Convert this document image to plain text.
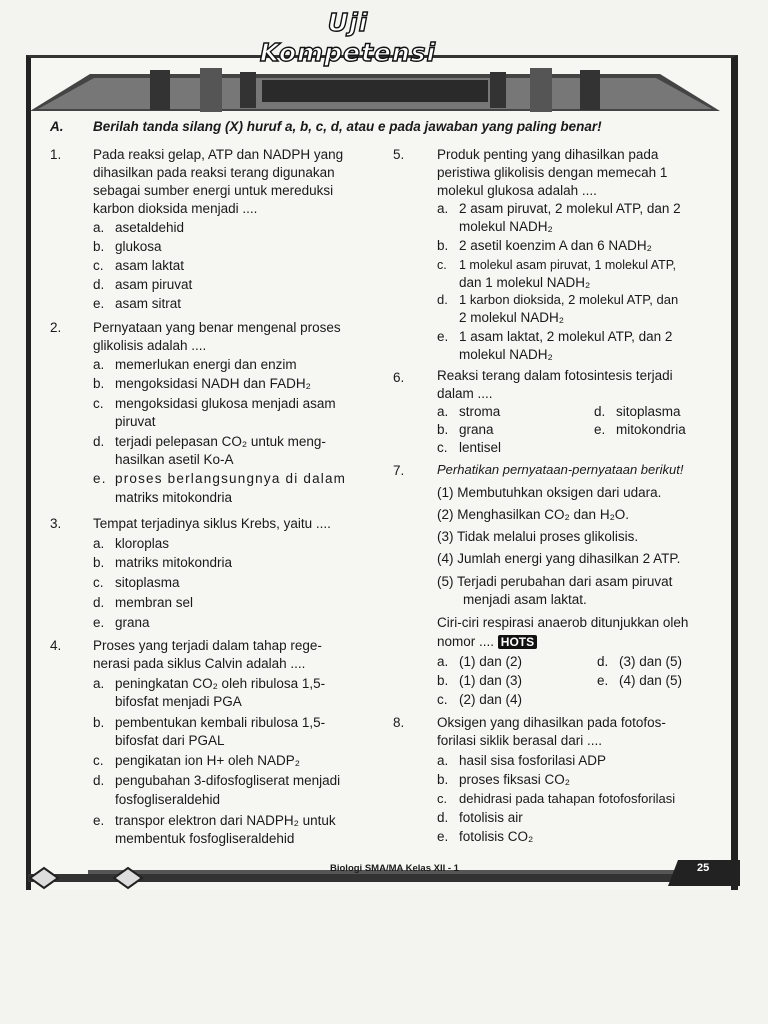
Uji Kompetensi
A. Berilah tanda silang (X) huruf a, b, c, d, atau e pada jawaban yang paling benar!
1. Pada reaksi gelap, ATP dan NADPH yang
dihasilkan pada reaksi terang digunakan
sebagai sumber energi untuk mereduksi
karbon dioksida menjadi ....
a. asetaldehid
b. glukosa
c. asam laktat
d. asam piruvat
e. asam sitrat
2. Pernyataan yang benar mengenal proses
glikolisis adalah ....
a. memerlukan energi dan enzim
b. mengoksidasi NADH dan FADH₂
c. mengoksidasi glukosa menjadi asam
piruvat
d. terjadi pelepasan CO₂ untuk meng-
hasilkan asetil Ko-A
e. proses berlangsungnya di dalam
matriks mitokondria
3. Tempat terjadinya siklus Krebs, yaitu ....
a. kloroplas
b. matriks mitokondria
c. sitoplasma
d. membran sel
e. grana
4. Proses yang terjadi dalam tahap rege-
nerasi pada siklus Calvin adalah ....
a. peningkatan CO₂ oleh ribulosa 1,5-
bifosfat menjadi PGA
b. pembentukan kembali ribulosa 1,5-
bifosfat dari PGAL
c. pengikatan ion H+ oleh NADP₂
d. pengubahan 3-difosfogliserat menjadi
fosfogliseraldehid
e. transpor elektron dari NADPH₂ untuk
membentuk fosfogliseraldehid
5. Produk penting yang dihasilkan pada
peristiwa glikolisis dengan memecah 1
molekul glukosa adalah ....
a. 2 asam piruvat, 2 molekul ATP, dan 2
molekul NADH₂
b. 2 asetil koenzim A dan 6 NADH₂
c. 1 molekul asam piruvat, 1 molekul ATP,
dan 1 molekul NADH₂
d. 1 karbon dioksida, 2 molekul ATP, dan
2 molekul NADH₂
e. 1 asam laktat, 2 molekul ATP, dan 2
molekul NADH₂
6. Reaksi terang dalam fotosintesis terjadi
dalam ....
a. stroma
b. grana
c. lentisel
d. sitoplasma
e. mitokondria
7.	Perhatikan pernyataan-pernyataan berikut!
(1) Membutuhkan oksigen dari udara.
(2) Menghasilkan CO₂ dan H₂O.
(3) Tidak melalui proses glikolisis.
(4) Jumlah energi yang dihasilkan 2 ATP.
(5) Terjadi perubahan dari asam piruvat
menjadi asam laktat.
Ciri-ciri respirasi anaerob ditunjukkan oleh
nomor .... HOTS
a. (1) dan (2)
b. (1) dan (3)
c. (2) dan (4)
d. (3) dan (5)
e. (4) dan (5)
8. Oksigen yang dihasilkan pada fotofos-
forilasi siklik berasal dari ....
a. hasil sisa fosforilasi ADP
b. proses fiksasi CO₂
c. dehidrasi pada tahapan fotofosforilasi
d. fotolisis air
e. fotolisis CO₂
Biologi SMA/MA Kelas XII - 1	25
